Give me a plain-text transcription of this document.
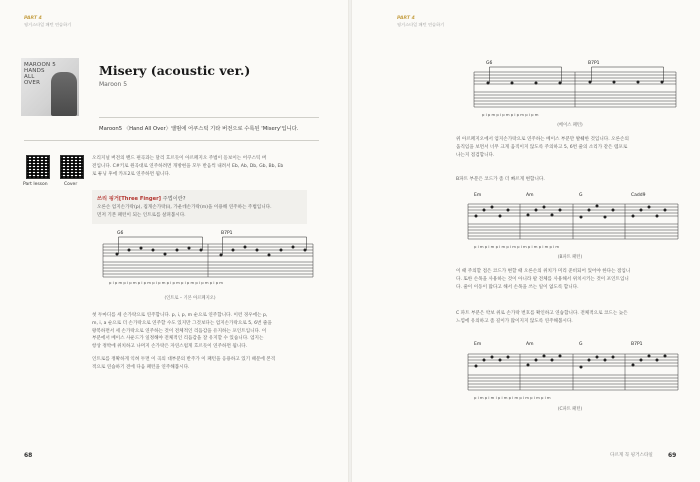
PART 4
핑거스타일 패턴 연습하기
MAROON 5
HANDS
ALL
OVER
Misery (acoustic ver.)
Maroon 5
Maroon5 〈Hand All Over〉앨범에 어쿠스틱 기타 버전으로 수록된 'Misery'입니다.
Part lesson	Cover
오리지널 버전의 밴드 편곡과는 달리 흐르듯이 아르페지오 주법이 돋보이는 어쿠스틱 버
전입니다. C#키로 원곡대로 연주하려면 개방현을 모두 반음씩 내려서 Eb, Ab, Db, Gb, Bb, Eb
로 튜닝 후에 카포2로 연주하면 됩니다.
쓰리 핑거[Three Finger] 주법이란?
오른손 엄지손가락(p), 집게손가락(i), 가운데손가락(m)을 이용해 연주하는 주법입니다.
먼저 기본 패턴이 되는 인트로를 살펴봅시다.
G6	B7P1
p i p m p i p m p i p m p i p m p i p m p i p m p i p m p i p m
(인트로 – 기본 아르페지오)
첫 두마디를 세 손가락으로 연주합니다. p, i, p, m 순으로 연주합니다. 이런 경우에는 p,
m, i, a 순으로 더 손가락으로 연주할 수도 있지만 그것보다는 엄지손가락으로 5, 6번 줄을
왕복하면서 세 손가락으로 연주하는 것이 전체적인 리듬감을 유지하는 포인트입니다. 이
부분에서 베이스 사운드가 일정해야 전체적인 리듬감을 잘 유지할 수 있습니다. 엄지는
항상 정박에 위치하고 나머지 손가락은 자연스럽게 흐르듯이 연주하면 됩니다.
인트로를 정확하게 익혀 두면 이 곡의 대부분의 반주가 이 패턴을 응용하고 있기 때문에 본격
적으로 연습하기 전에 다음 패턴을 연주해봅시다.
68
PART 4
핑거스타일 패턴 연습하기
G6	B7P1
p i p m p i p m p i p m p i p m
(베이스 패턴)
위 아르페지오에서 엄지손가락으로 연주하는 베이스 부분만 발췌한 것입니다. 오른손의
움직임을 보면서 너무 크게 움직이지 않도록 주의하고 5, 6번 줄의 소리가 같은 템포로
나는지 점검합니다.
B파트 부분은 코드가 좀 더 빠르게 변합니다.
Em	Am	G	Cadd9
p i m p i m p i m p i m p i m p i m p i m p i m
(B파트 패턴)
이 때 주의할 점은 코드가 변할 때 오른손의 위치가 미리 준비되어 있어야 한다는 점입니
다. 또한 손목을 사용하는 것이 아니라 팔 전체를 사용해서 위치시키는 것이 포인트입니
다. 줄이 이동이 많다고 해서 손목을 쓰는 일이 없도록 합니다.
C 파트 부분은 약보 위로 손가락 번호를 확인하고 연습합니다. 전체적으로 코드는 늦은
느낌에 유의하고 좀 길이가 많이지지 않도록 연주해봅시다.
Em	Am	G	B7P1
p i m p i m i p i m p i m p i m p i m p i m
(C파트 패턴)
다르게 꼭 핑거스타일	69
